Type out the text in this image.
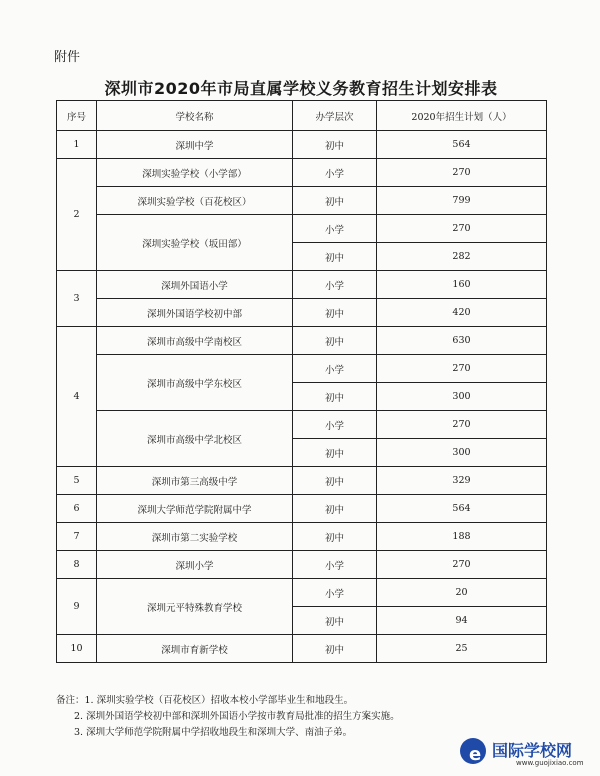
附件
深圳市2020年市局直属学校义务教育招生计划安排表
序号	学校名称	办学层次	2020年招生计划（人）
1	深圳中学	初中	564
2	深圳实验学校（小学部）	小学	270
	深圳实验学校（百花校区）	初中	799
	深圳实验学校（坂田部）	小学	270
		初中	282
3	深圳外国语小学	小学	160
	深圳外国语学校初中部	初中	420
4	深圳市高级中学南校区	初中	630
	深圳市高级中学东校区	小学	270
		初中	300
	深圳市高级中学北校区	小学	270
		初中	300
5	深圳市第三高级中学	初中	329
6	深圳大学师范学院附属中学	初中	564
7	深圳市第二实验学校	初中	188
8	深圳小学	小学	270
9	深圳元平特殊教育学校	小学	20
		初中	94
10	深圳市育新学校	初中	25
备注：1. 深圳实验学校（百花校区）招收本校小学部毕业生和地段生。
2. 深圳外国语学校初中部和深圳外国语小学按市教育局批准的招生方案实施。
3. 深圳大学师范学院附属中学招收地段生和深圳大学、南油子弟。
e 国际学校网
www.guojixiao.com
